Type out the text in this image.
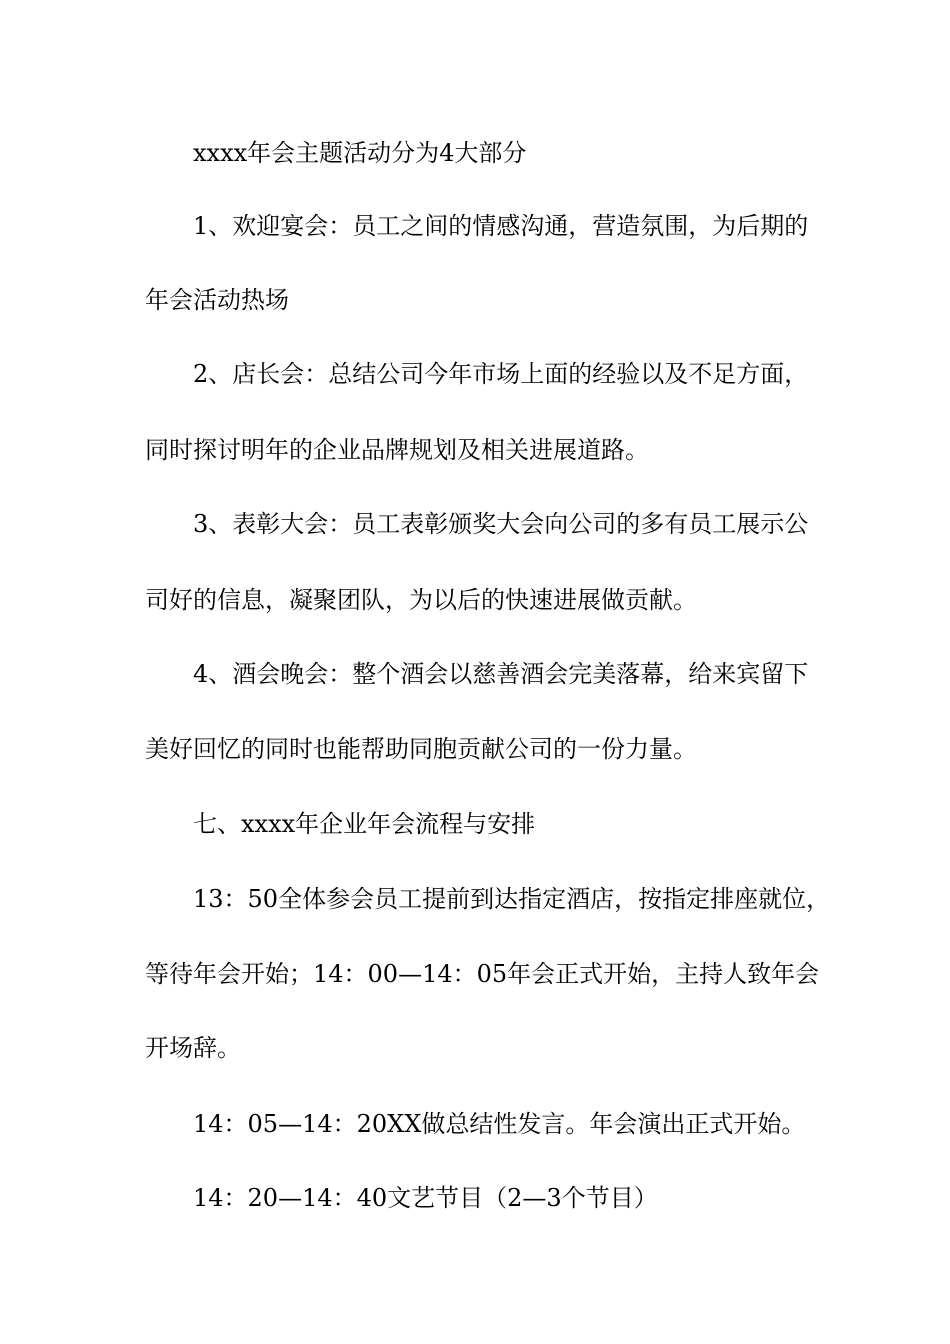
xxxx年会主题活动分为4大部分
1、欢迎宴会：员工之间的情感沟通，营造氛围，为后期的
年会活动热场
2、店长会：总结公司今年市场上面的经验以及不足方面，
同时探讨明年的企业品牌规划及相关进展道路。
3、表彰大会：员工表彰颁奖大会向公司的多有员工展示公
司好的信息，凝聚团队，为以后的快速进展做贡献。
4、酒会晚会：整个酒会以慈善酒会完美落幕，给来宾留下
美好回忆的同时也能帮助同胞贡献公司的一份力量。
七、xxxx年企业年会流程与安排
13：50全体参会员工提前到达指定酒店，按指定排座就位，
等待年会开始；14：00—14：05年会正式开始，主持人致年会
开场辞。
14：05—14：20XX做总结性发言。年会演出正式开始。
14：20—14：40文艺节目（2—3个节目）
